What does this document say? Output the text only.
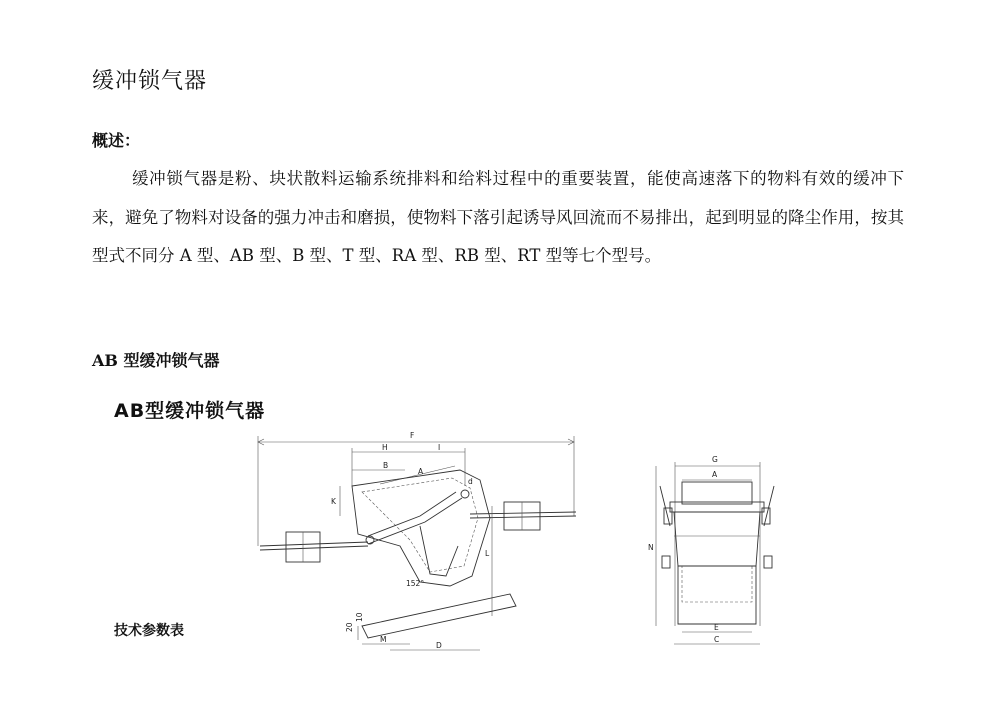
缓冲锁气器
概述：

缓冲锁气器是粉、块状散料运输系统排料和给料过程中的重要装置，能使高速落下的物料有效的缓冲下来，避免了物料对设备的强力冲击和磨损，使物料下落引起诱导风回流而不易排出，起到明显的降尘作用，按其型式不同分 A 型、AB 型、B 型、T 型、RA 型、RB 型、RT 型等七个型号。

AB 型缓冲锁气器
AB型缓冲锁气器
F
H	I
B
A
d
K
L
152°
20
10
M
D
G
A
N
E
C
技术参数表
